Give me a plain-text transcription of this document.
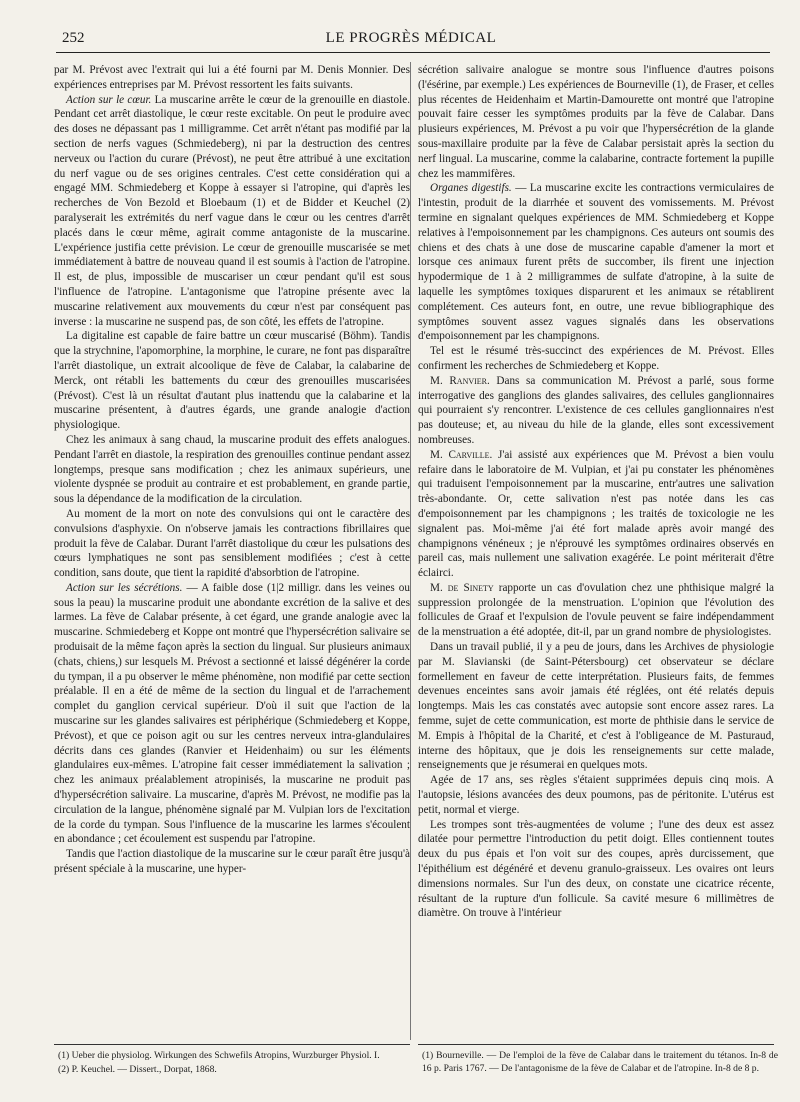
252	LE PROGRÈS MÉDICAL

par M. Prévost avec l'extrait qui lui a été fourni par M. Denis Monnier. Des expériences entreprises par M. Prévost ressortent les faits suivants.

Action sur le cœur. La muscarine arrête le cœur de la grenouille en diastole. Pendant cet arrêt diastolique, le cœur reste excitable. On peut le produire avec des doses ne dépassant pas 1 milligramme. Cet arrêt n'étant pas modifié par la section de nerfs vagues (Schmiedeberg), ni par la destruction des centres nerveux ou l'action du curare (Prévost), ne peut être attribué à une excitation du nerf vague ou de ses origines centrales. C'est cette considération qui a engagé MM. Schmiedeberg et Koppe à essayer si l'atropine, qui d'après les recherches de Von Bezold et Bloebaum (1) et de Bidder et Keuchel (2) paralyserait les extrémités du nerf vague dans le cœur ou les centres d'arrêt placés dans le cœur même, agirait comme antagoniste de la muscarine. L'expérience justifia cette prévision. Le cœur de grenouille muscarisée se met immédiatement à battre de nouveau quand il est soumis à l'action de l'atropine. Il est, de plus, impossible de muscariser un cœur pendant qu'il est sous l'influence de l'atropine. L'antagonisme que l'atropine présente avec la muscarine relativement aux mouvements du cœur n'est par conséquent pas inverse : la muscarine ne suspend pas, de son côté, les effets de l'atropine.

La digitaline est capable de faire battre un cœur muscarisé (Böhm). Tandis que la strychnine, l'apomorphine, la morphine, le curare, ne font pas disparaître l'arrêt diastolique, un extrait alcoolique de fève de Calabar, la calabarine de Merck, ont rétabli les battements du cœur des grenouilles muscarisées (Prévost). C'est là un résultat d'autant plus inattendu que la calabarine et la muscarine présentent, à d'autres égards, une grande analogie d'action physiologique.

Chez les animaux à sang chaud, la muscarine produit des effets analogues. Pendant l'arrêt en diastole, la respiration des grenouilles continue pendant assez longtemps, presque sans modification ; chez les animaux supérieurs, une violente dyspnée se produit au contraire et est probablement, en grande partie, sous la dépendance de la modification de la circulation.

Au moment de la mort on note des convulsions qui ont le caractère des convulsions d'asphyxie. On n'observe jamais les contractions fibrillaires que produit la fève de Calabar. Durant l'arrêt diastolique du cœur les pulsations des cœurs lymphatiques ne sont pas sensiblement modifiées ; c'est à cette condition, sans doute, que tient la rapidité d'absorbtion de l'atropine.

Action sur les sécrétions. — A faible dose (1|2 milligr. dans les veines ou sous la peau) la muscarine produit une abondante excrétion de la salive et des larmes. La fève de Calabar présente, à cet égard, une grande analogie avec la muscarine. Schmiedeberg et Koppe ont montré que l'hypersécrétion salivaire se produisait de la même façon après la section du lingual. Sur plusieurs animaux (chats, chiens,) sur lesquels M. Prévost a sectionné et laissé dégénérer la corde du tympan, il a pu observer le même phénomène, non modifié par cette section préalable. Il en a été de même de la section du lingual et de l'arrachement complet du ganglion cervical supérieur. D'où il suit que l'action de la muscarine sur les glandes salivaires est périphérique (Schmiedeberg et Koppe, Prévost), et que ce poison agit ou sur les centres nerveux intra-glandulaires décrits dans ces glandes (Ranvier et Heidenhaim) ou sur les éléments glandulaires eux-mêmes. L'atropine fait cesser immédiatement la salivation ; chez les animaux préalablement atropinisés, la muscarine ne produit pas d'hypersécrétion salivaire. La muscarine, d'après M. Prévost, ne modifie pas la circulation de la langue, phénomène signalé par M. Vulpian lors de l'excitation de la corde du tympan. Sous l'influence de la muscarine les larmes s'écoulent en abondance ; cet écoulement est suspendu par l'atropine.

Tandis que l'action diastolique de la muscarine sur le cœur paraît être jusqu'à présent spéciale à la muscarine, une hyper-

sécrétion salivaire analogue se montre sous l'influence d'autres poisons (l'ésérine, par exemple.) Les expériences de Bourneville (1), de Fraser, et celles plus récentes de Heidenhaim et Martin-Damourette ont montré que l'atropine pouvait faire cesser les symptômes produits par la fève de Calabar. Dans plusieurs expériences, M. Prévost a pu voir que l'hypersécrétion de la glande sous-maxillaire produite par la fève de Calabar persistait après la section du nerf lingual. La muscarine, comme la calabarine, contracte fortement la pupille chez les mammifères.

Organes digestifs. — La muscarine excite les contractions vermiculaires de l'intestin, produit de la diarrhée et souvent des vomissements. M. Prévost termine en signalant quelques expériences de MM. Schmiedeberg et Koppe relatives à l'empoisonnement par les champignons. Ces auteurs ont soumis des chiens et des chats à une dose de muscarine capable d'amener la mort et lorsque ces animaux furent prêts de succomber, ils firent une injection hypodermique de 1 à 2 milligrammes de sulfate d'atropine, à la suite de laquelle les symptômes toxiques disparurent et les animaux se rétablirent complétement. Ces auteurs font, en outre, une revue bibliographique des symptômes souvent assez vagues signalés dans les observations d'empoisonnement par les champignons.

Tel est le résumé très-succinct des expériences de M. Prévost. Elles confirment les recherches de Schmiedeberg et Koppe.

M. Ranvier. Dans sa communication M. Prévost a parlé, sous forme interrogative des ganglions des glandes salivaires, des cellules ganglionnaires qui pourraient s'y rencontrer. L'existence de ces cellules ganglionnaires n'est pas douteuse; et, au niveau du hile de la glande, elles sont excessivement nombreuses.

M. Carville. J'ai assisté aux expériences que M. Prévost a bien voulu refaire dans le laboratoire de M. Vulpian, et j'ai pu constater les phénomènes qui traduisent l'empoisonnement par la muscarine, entr'autres une salivation très-abondante. Or, cette salivation n'est pas notée dans les cas d'empoisonnement par les champignons ; les traités de toxicologie ne les signalent pas. Moi-même j'ai été fort malade après avoir mangé des champignons vénéneux ; je n'éprouvé les symptômes ordinaires observés en pareil cas, mais nullement une salivation exagérée. Le point mériterait d'être éclairci.

M. de Sinety rapporte un cas d'ovulation chez une phthisique malgré la suppression prolongée de la menstruation. L'opinion que l'évolution des follicules de Graaf et l'expulsion de l'ovule peuvent se faire indépendamment de la menstruation a été adoptée, dit-il, par un grand nombre de physiologistes.

Dans un travail publié, il y a peu de jours, dans les Archives de physiologie par M. Slavianski (de Saint-Pétersbourg) cet observateur se déclare formellement en faveur de cette interprétation. Plusieurs faits, de femmes devenues enceintes sans avoir jamais été réglées, ont été relatés depuis longtemps. Mais les cas constatés avec autopsie sont encore assez rares. La femme, sujet de cette communication, est morte de phthisie dans le service de M. Empis à l'hôpital de la Charité, et c'est à l'obligeance de M. Pasturaud, interne des hôpitaux, que je dois les renseignements sur cette malade, renseignements que je résumerai en quelques mots.

Agée de 17 ans, ses règles s'étaient supprimées depuis cinq mois. A l'autopsie, lésions avancées des deux poumons, pas de péritonite. L'utérus est petit, normal et vierge.

Les trompes sont très-augmentées de volume ; l'une des deux est assez dilatée pour permettre l'introduction du petit doigt. Elles contiennent toutes deux du pus épais et l'on voit sur des coupes, après durcissement, que l'épithélium est dégénéré et devenu granulo-graisseux. Les ovaires ont leurs dimensions normales. Sur l'un des deux, on constate une cicatrice récente, résultant de la rupture d'un follicule. Sa cavité mesure 6 millimètres de diamètre. On trouve à l'intérieur

(1) Ueber die physiolog. Wirkungen des Schwefils Atropins, Wurzburger Physiol. I.
(2) P. Keuchel. — Dissert., Dorpat, 1868.
(1) Bourneville. — De l'emploi de la fève de Calabar dans le traitement du tétanos. In-8 de 16 p. Paris 1767. — De l'antagonisme de la fève de Calabar et de l'atropine. In-8 de 8 p.
